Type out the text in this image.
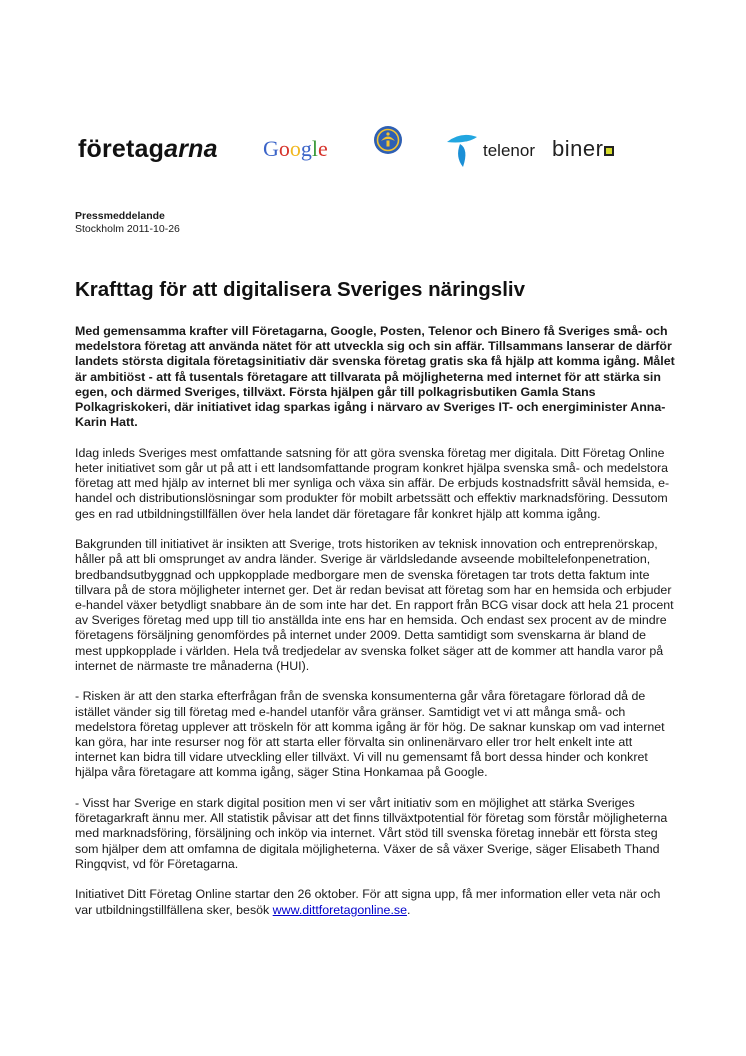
företagarna Google	telenor biner
Pressmeddelande
Stockholm 2011-10-26
Krafttag för att digitalisera Sveriges näringsliv

Med gemensamma krafter vill Företagarna, Google, Posten, Telenor och Binero få Sveriges små- och medelstora företag att använda nätet för att utveckla sig och sin affär. Tillsammans lanserar de därför landets största digitala företagsinitiativ där svenska företag gratis ska få hjälp att komma igång. Målet är ambitiöst - att få tusentals företagare att tillvarata på möjligheterna med internet för att stärka sin egen, och därmed Sveriges, tillväxt. Första hjälpen går till polkagrisbutiken Gamla Stans Polkagriskokeri, där initiativet idag sparkas igång i närvaro av Sveriges IT- och energiminister Anna-Karin Hatt.

Idag inleds Sveriges mest omfattande satsning för att göra svenska företag mer digitala. Ditt Företag Online heter initiativet som går ut på att i ett landsomfattande program konkret hjälpa svenska små- och medelstora företag att med hjälp av internet bli mer synliga och växa sin affär. De erbjuds kostnadsfritt såväl hemsida, e-handel och distributionslösningar som produkter för mobilt arbetssätt och effektiv marknadsföring. Dessutom ges en rad utbildningstillfällen över hela landet där företagare får konkret hjälp att komma igång.

Bakgrunden till initiativet är insikten att Sverige, trots historiken av teknisk innovation och entreprenörskap, håller på att bli omsprunget av andra länder. Sverige är världsledande avseende mobiltelefonpenetration, bredbandsutbyggnad och uppkopplade medborgare men de svenska företagen tar trots detta faktum inte tillvara på de stora möjligheter internet ger. Det är redan bevisat att företag som har en hemsida och erbjuder e-handel växer betydligt snabbare än de som inte har det. En rapport från BCG visar dock att hela 21 procent av Sveriges företag med upp till tio anställda inte ens har en hemsida. Och endast sex procent av de mindre företagens försäljning genomfördes på internet under 2009. Detta samtidigt som svenskarna är bland de mest uppkopplade i världen. Hela två tredjedelar av svenska folket säger att de kommer att handla varor på internet de närmaste tre månaderna (HUI).

- Risken är att den starka efterfrågan från de svenska konsumenterna går våra företagare förlorad då de istället vänder sig till företag med e-handel utanför våra gränser. Samtidigt vet vi att många små- och medelstora företag upplever att tröskeln för att komma igång är för hög. De saknar kunskap om vad internet kan göra, har inte resurser nog för att starta eller förvalta sin onlinenärvaro eller tror helt enkelt inte att internet kan bidra till vidare utveckling eller tillväxt. Vi vill nu gemensamt få bort dessa hinder och konkret hjälpa våra företagare att komma igång, säger Stina Honkamaa på Google.

- Visst har Sverige en stark digital position men vi ser vårt initiativ som en möjlighet att stärka Sveriges företagarkraft ännu mer. All statistik påvisar att det finns tillväxtpotential för företag som förstår möjligheterna med marknadsföring, försäljning och inköp via internet. Vårt stöd till svenska företag innebär ett första steg som hjälper dem att omfamna de digitala möjligheterna. Växer de så växer Sverige, säger Elisabeth Thand Ringqvist, vd för Företagarna.

Initiativet Ditt Företag Online startar den 26 oktober. För att signa upp, få mer information eller veta när och var utbildningstillfällena sker, besök www.dittforetagonline.se.
